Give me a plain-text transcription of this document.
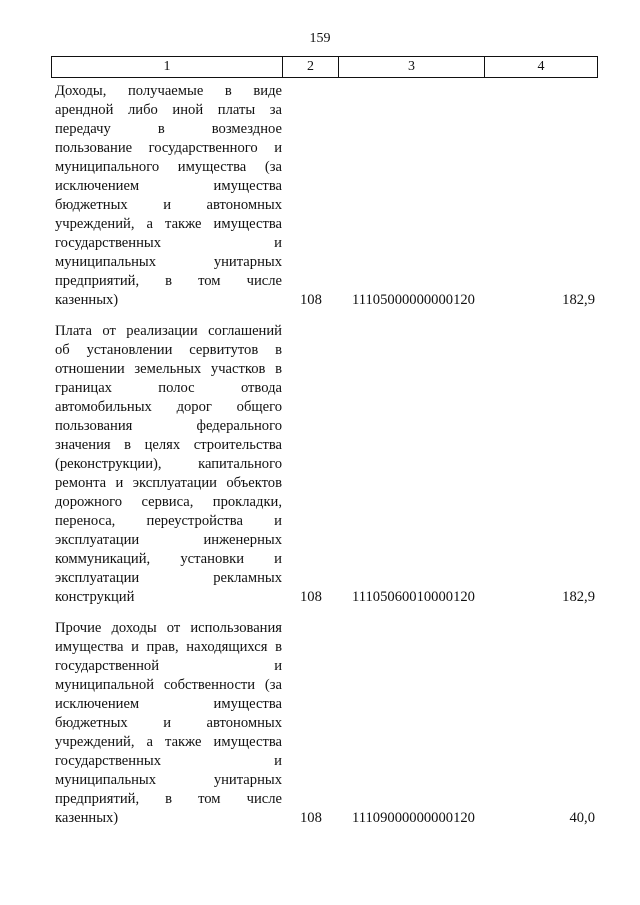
159
1	2	3	4
Доходы, получаемые в виде
арендной либо иной платы за
передачу в возмездное
пользование государственного и
муниципального имущества (за
исключением имущества
бюджетных и автономных
учреждений, а также имущества
государственных и
муниципальных унитарных
предприятий, в том числе
казенных)	108 11105000000000120	182,9
Плата от реализации соглашений
об установлении сервитутов в
отношении земельных участков в
границах полос отвода
автомобильных дорог общего
пользования федерального
значения в целях строительства
(реконструкции), капитального
ремонта и эксплуатации объектов
дорожного сервиса, прокладки,
переноса, переустройства и
эксплуатации инженерных
коммуникаций, установки и
эксплуатации рекламных
конструкций	108 11105060010000120	182,9
Прочие доходы от использования
имущества и прав, находящихся в
государственной и
муниципальной собственности (за
исключением имущества
бюджетных и автономных
учреждений, а также имущества
государственных и
муниципальных унитарных
предприятий, в том числе
казенных)	108 11109000000000120	40,0
